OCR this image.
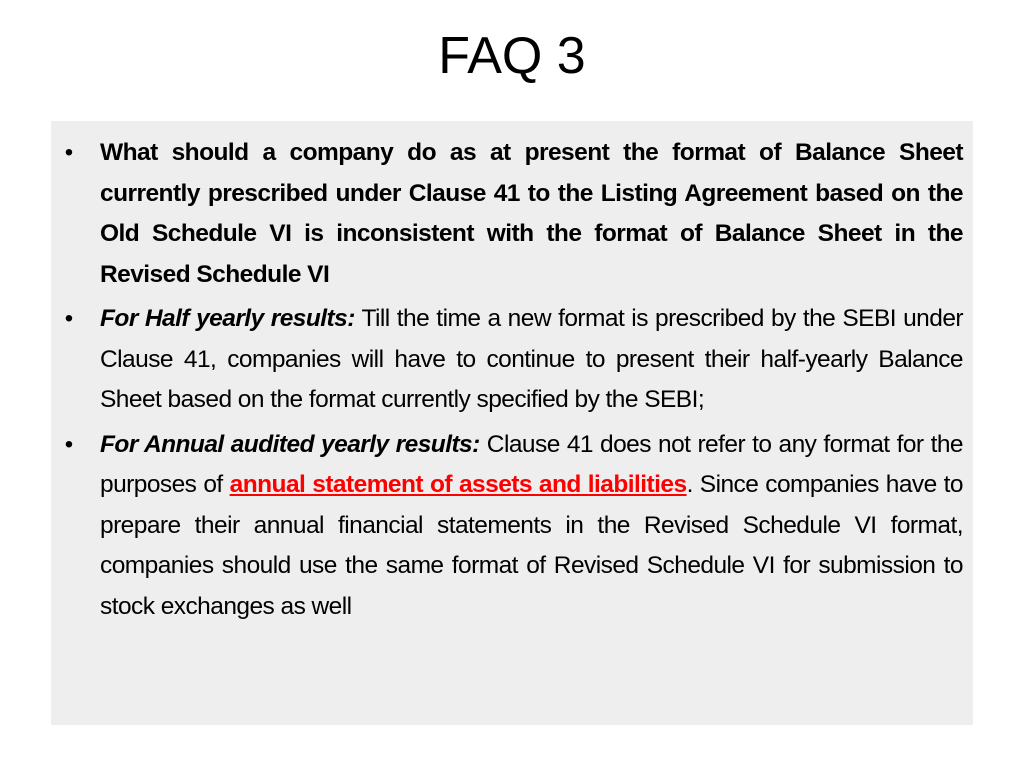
FAQ 3
• What should a company do as at present the format of Balance Sheet currently prescribed under Clause 41 to the Listing Agreement based on the Old Schedule VI is inconsistent with the format of Balance Sheet in the Revised Schedule VI
• For Half yearly results: Till the time a new format is prescribed by the SEBI under Clause 41, companies will have to continue to present their half-yearly Balance Sheet based on the format currently specified by the SEBI;
• For Annual audited yearly results: Clause 41 does not refer to any format for the purposes of annual statement of assets and liabilities. Since companies have to prepare their annual financial statements in the Revised Schedule VI format, companies should use the same format of Revised Schedule VI for submission to stock exchanges as well
